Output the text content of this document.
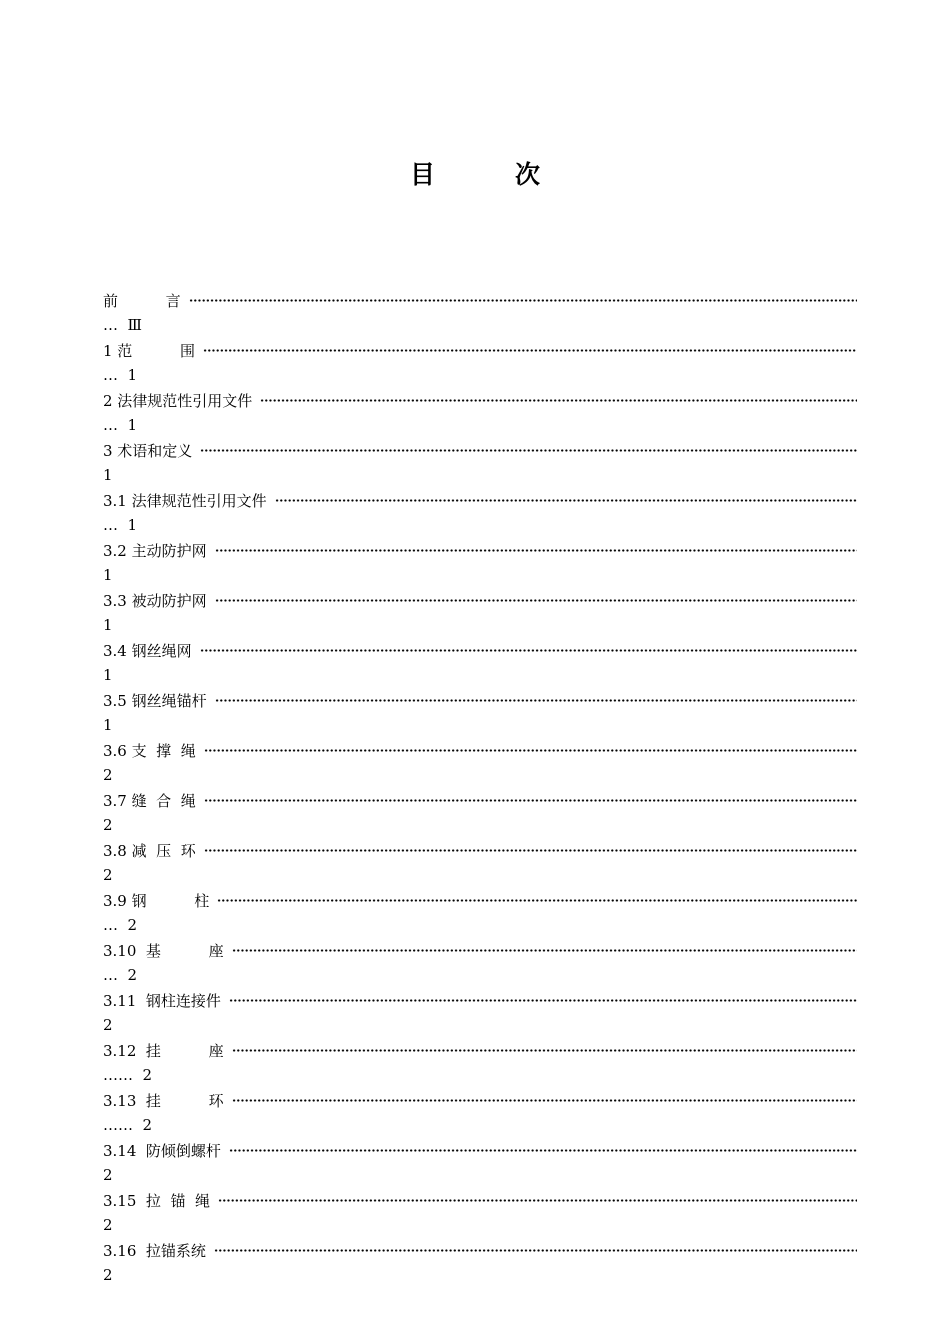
目	次
前          言
…  Ⅲ
1 范          围
…  1
2 法律规范性引用文件
…  1
3 术语和定义
1
3.1 法律规范性引用文件
…  1
3.2 主动防护网
1
3.3 被动防护网
1
3.4 钢丝绳网
1
3.5 钢丝绳锚杆
1
3.6 支  撑  绳
2
3.7 缝  合  绳
2
3.8 减  压  环
2
3.9 钢          柱
…  2
3.10  基          座
…  2
3.11  钢柱连接件
2
3.12  挂          座
……  2
3.13  挂          环
……  2
3.14  防倾倒螺杆
2
3.15  拉  锚  绳
2
3.16  拉锚系统
2
